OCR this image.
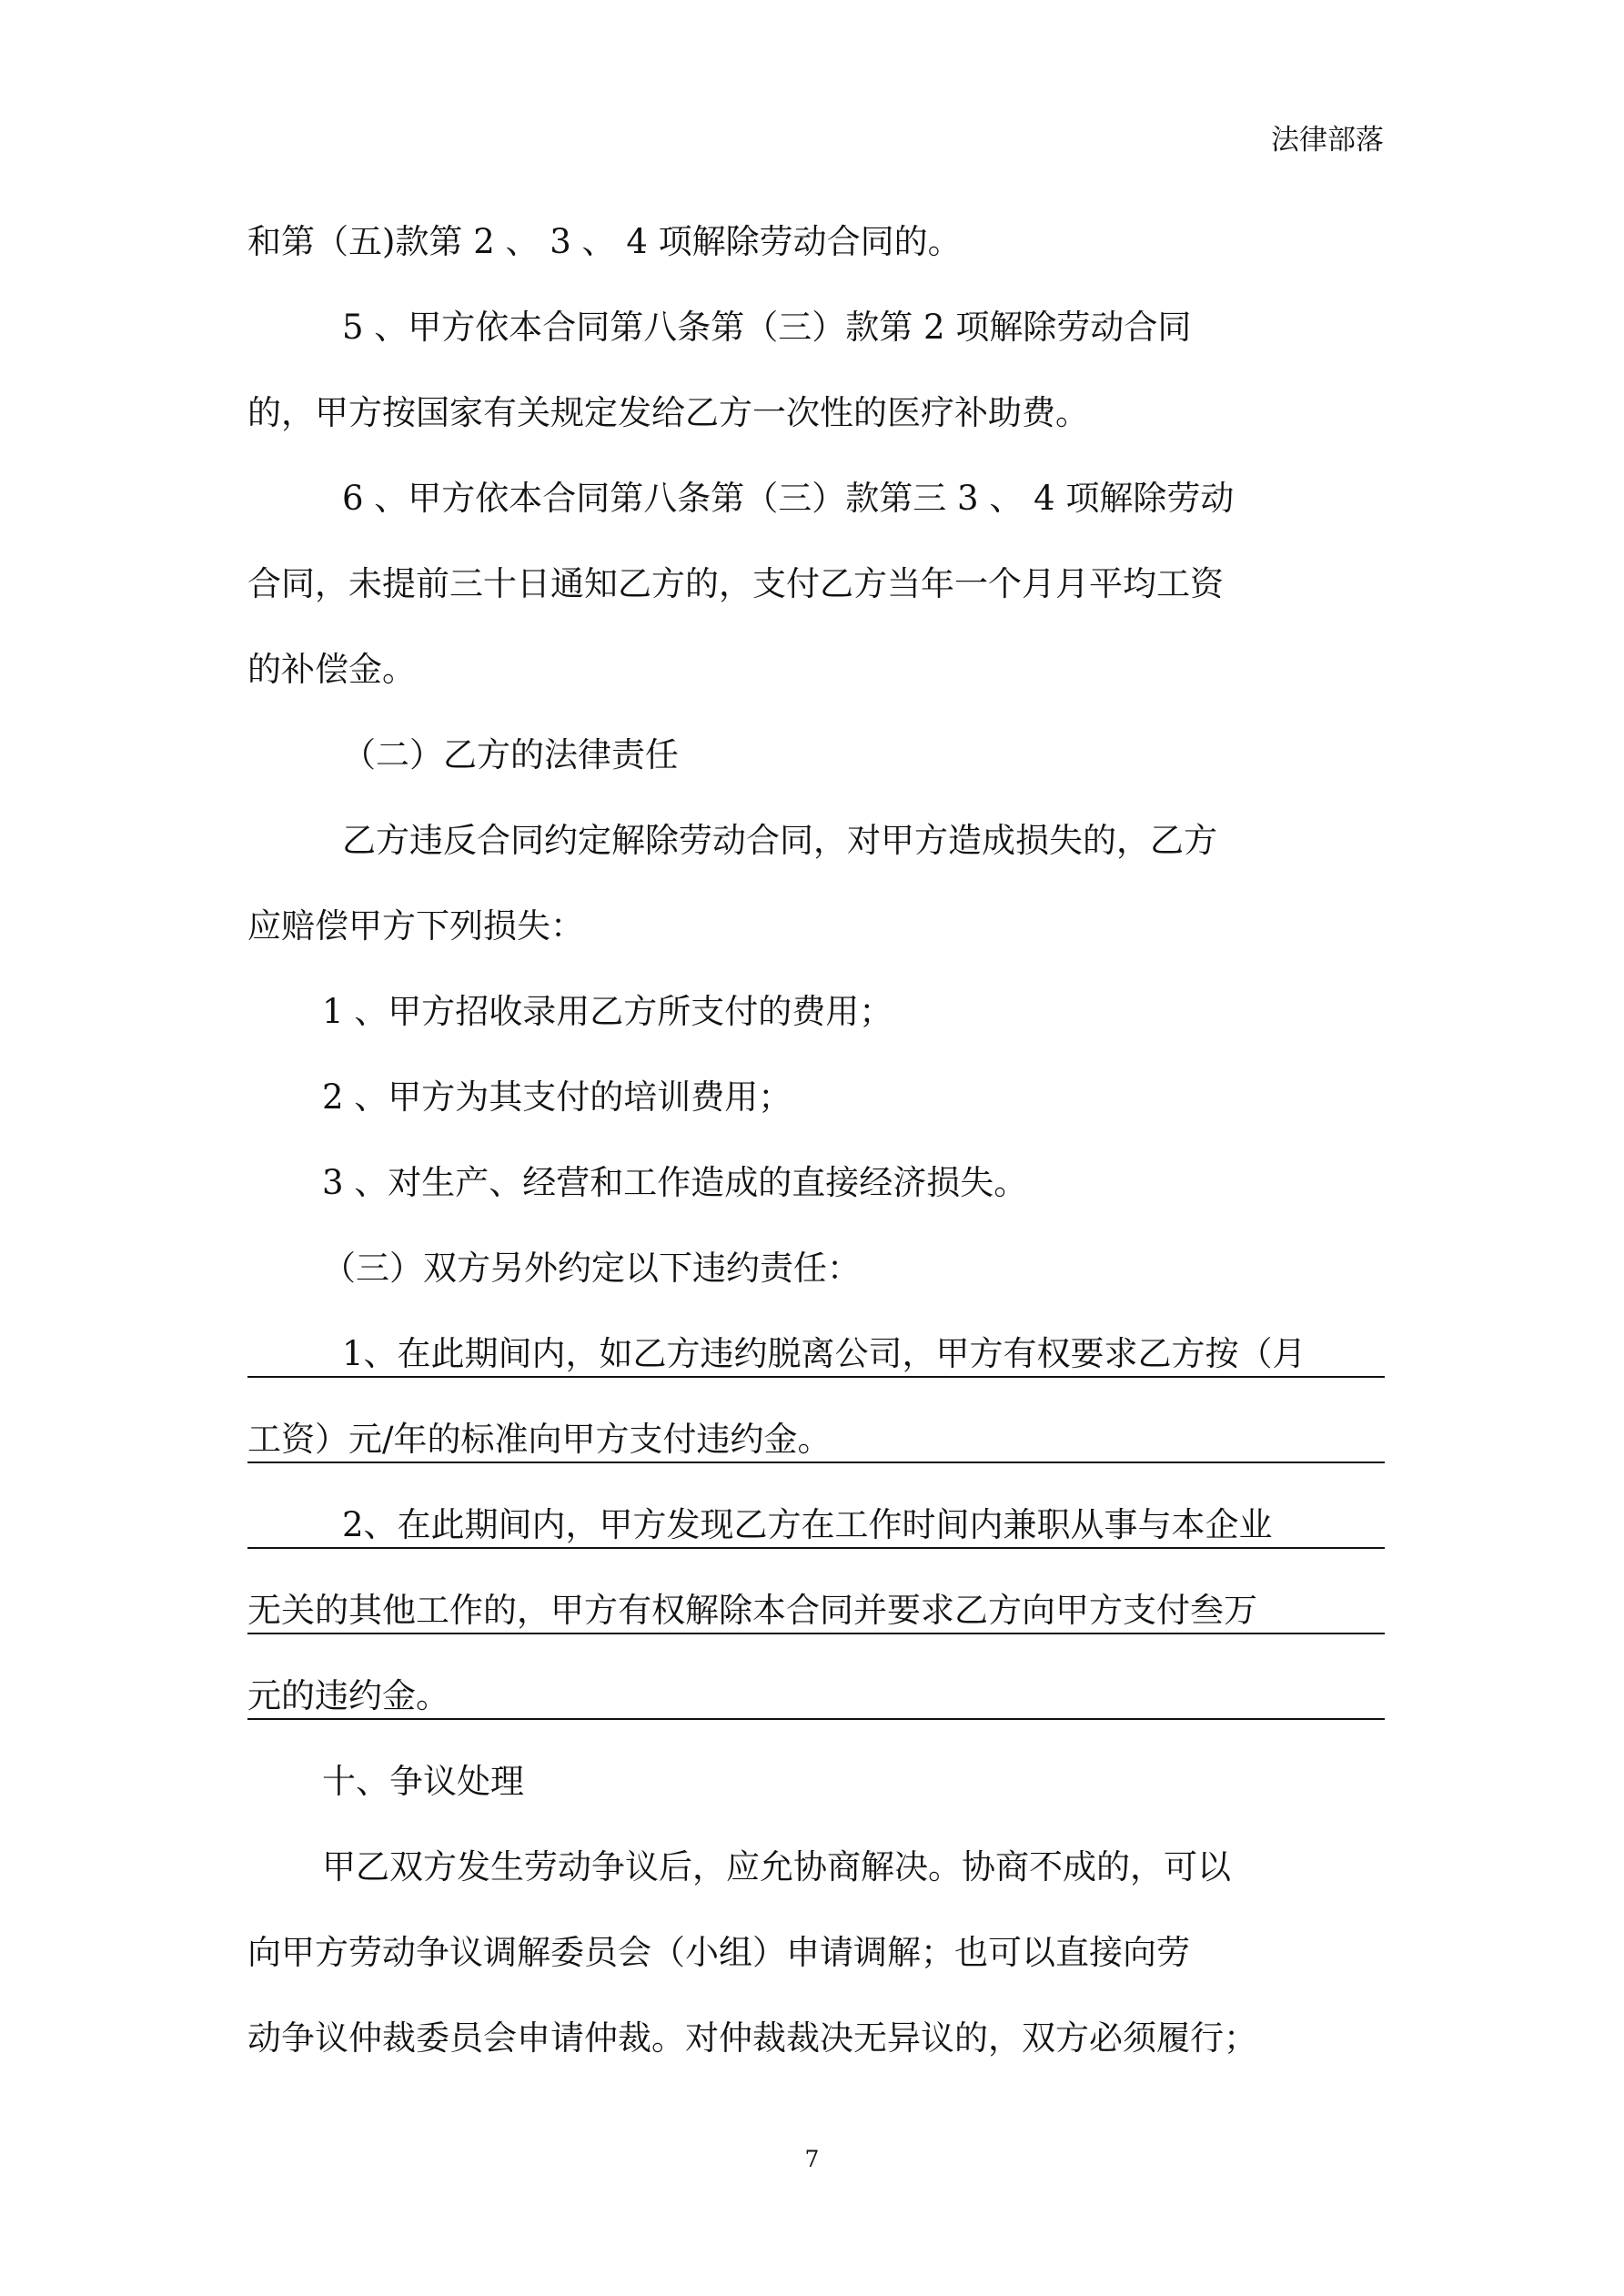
法律部落
和第（五)款第 2 、 3 、 4 项解除劳动合同的。
5 、甲方依本合同第八条第（三）款第 2 项解除劳动合同
的，甲方按国家有关规定发给乙方一次性的医疗补助费。
6 、甲方依本合同第八条第（三）款第三 3 、 4 项解除劳动
合同，未提前三十日通知乙方的，支付乙方当年一个月月平均工资
的补偿金。
（二）乙方的法律责任
乙方违反合同约定解除劳动合同，对甲方造成损失的，乙方
应赔偿甲方下列损失：
1 、甲方招收录用乙方所支付的费用；
2 、甲方为其支付的培训费用；
3 、对生产、经营和工作造成的直接经济损失。
（三）双方另外约定以下违约责任：
1、在此期间内，如乙方违约脱离公司，甲方有权要求乙方按（月
工资）元/年的标准向甲方支付违约金。
2、在此期间内，甲方发现乙方在工作时间内兼职从事与本企业
无关的其他工作的，甲方有权解除本合同并要求乙方向甲方支付叁万
元的违约金。
十、争议处理
甲乙双方发生劳动争议后，应允协商解决。协商不成的，可以
向甲方劳动争议调解委员会（小组）申请调解；也可以直接向劳
动争议仲裁委员会申请仲裁。对仲裁裁决无异议的，双方必须履行；
7
